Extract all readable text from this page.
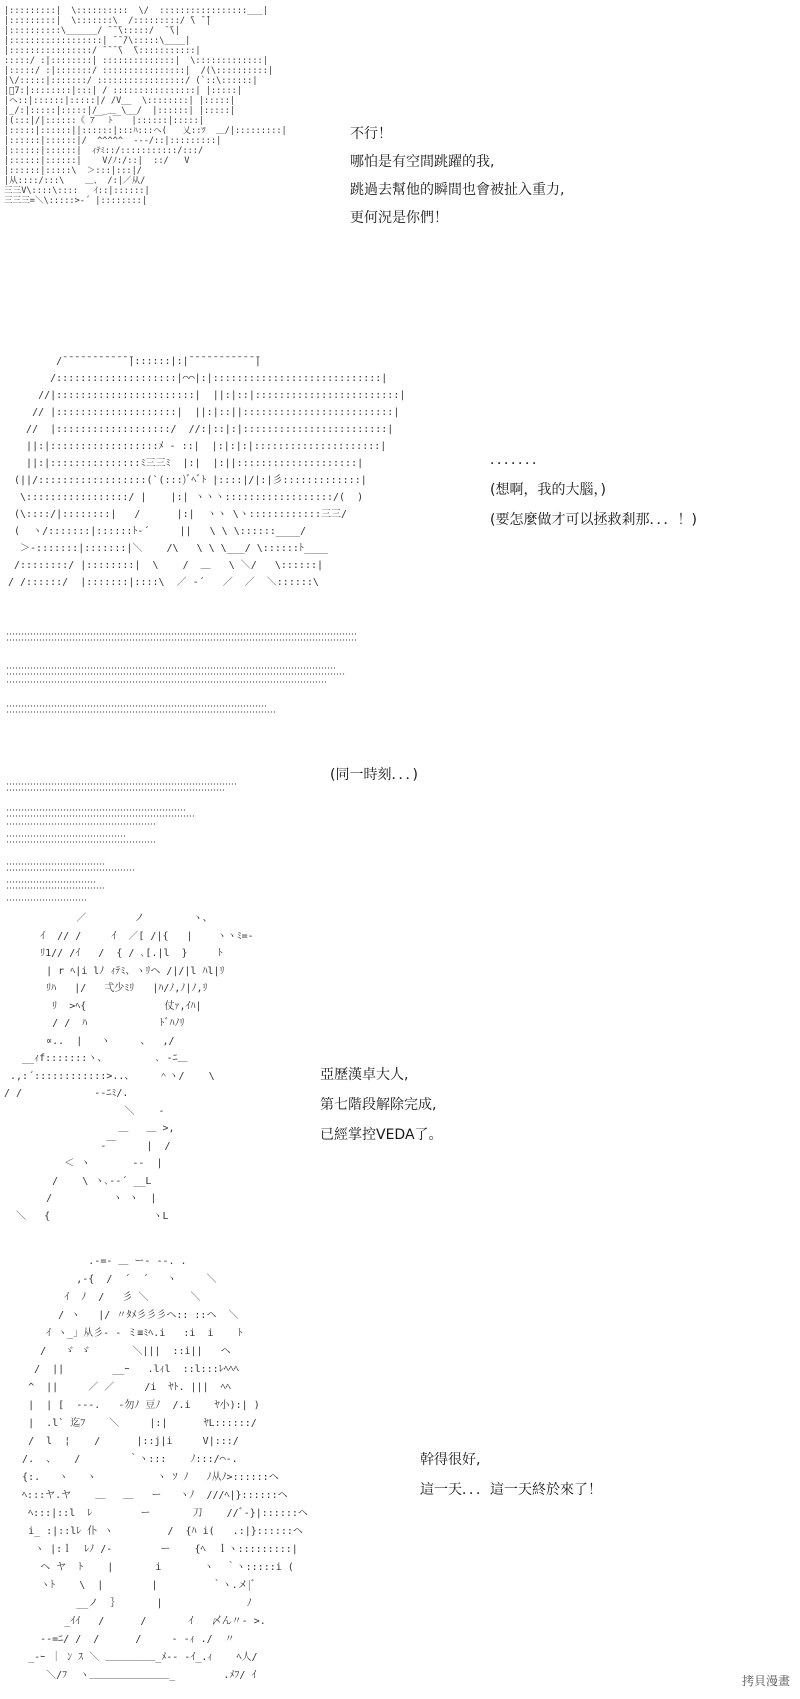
|:::::::::|  \::::::::::  \/  :::::::::::::::::___|
|:::::::::|  \:::::::\  /:::::::::/ ̄\ ̄ ̄|
|::::::::::\______/ ̄ ̄ ̄\:::::/  ̄ ̄\|
|::::::::::::::::::| ̄ ̄ ̄/\:::::\____|
|::::::::::::::::/ ̄ ̄ ̄ ̄\  ̄\:::::::::::|
:::::/ :|::::::::| ::::::::::::::|  \:::::::::::::|
|:::::/ :|:::::::/ ::::::::::::::::|  /(\::::::::::|
|\/:::::|:::::::/ :::::::::::::::::/ (`::\::::::|
|ﾞ7:|::::::::|:::| / ::::::::::::::::| |:::::|
|ヘ::|::::::|:::::|/ /V__  \::::::::| |:::::|
|_/:|:::::|:::::|/ _＿ \__/  |::::::| |:::::|
|(:::|/|::::::《 ｱ￣ ﾄ￣  |::::::|:::::|
|:::::|::::::||::::::|:::ﾊ:::ヘ(   乂::ﾂ  ＿/|:::::::::|
|::::::|::::::|/  ^^^^^  ---/::|:::::::::|
|::::::|::::::|  ｨﾃﾐ::/:::::::::::/:::/
|::::::|::::::|    V/ﾉ:/::|  ::/   V
|::::::|:::::\  ＞:::|:::|/
|从::::/:::\    ＿、 /:|／从/
三三V\::::\::::   ｲ::|::::::|
三三三=＼\:::::>-´ |::::::::|
不行！
哪怕是有空間跳躍的我,
跳過去幫他的瞬間也會被扯入重力,
更何況是你們！
/̄ ̄ ̄ ̄ ̄ ̄ ̄ ̄ ̄ ̄ ̄ ̄|::::::|:|̄ ̄ ̄ ̄ ̄ ̄ ̄ ̄ ̄ ̄ ̄ ̄|
/::::::::::::::::::::|⌒⌒|:|::::::::::::::::::::::::::::|
//|:::::::::::::::::::::::|  ||:|::|::::::::::::::::::::::::|
// |::::::::::::::::::::|  ||:|::||:::::::::::::::::::::::::|
//  |:::::::::::::::::::/  //:|::|:|::::::::::::::::::::::::|
||:|::::::::::::::::::ﾒ ‐ ::|  |:|:|:|:::::::::::::::::::::|
||:|:::::::::::::::ﾐ三三ﾐ  |:|  |:||::::::::::::::::::::|
(||/::::::::::::::::::(`(:::)ﾞﾍﾞﾄ |::::|/|:|彡:::::::::::::|
\:::::::::::::::::/ |    |:| ヽヽヽ::::::::::::::::::/(  )
(\::::/|::::::::|   /      |:|  ヽヽ \ヽ::::::::::::三三/
(  ヽ/:::::::|::::::ﾄ-´     ||   \ \ \::::::____/
＞‐:::::::|:::::::|＼    /\   \ \ \___/ \::::::ﾄ____
/::::::::/ |::::::::|  \    /  ＿   \ ＼/   \::::::|
/ /::::::/  |:::::::|::::\  ／ ‐´   ／  ／  ＼::::::\
．．．．．．．
(想啊，我的大腦，)
(要怎麼做才可以拯救剎那．．．！)
(同一時刻．．．)
／        ノ        ヽ、
ｲ  // /     ｲ  ／[ /|{   |    ヽヽﾐ=-
ﾘ1// /ｲ   /  { / ､[.|l  }     ﾄ
| r ﾍ|i lﾉ ｨﾃﾐ、ヽﾘヘ /|/|l ﾊl|ﾘ
ﾘﾊ   |/   弌少ﾐﾘ   |ﾊ/ﾉ,ﾉ|ﾉ,ﾘ
ﾘ  >ﾍ{             仗ｧ,ｲﾊ|
/ /  ﾊ            ﾄﾞﾊﾉﾘ
∝..  |   ヽ     、  ,/
__ｨf:::::::ヽ、        ､ -ﾆ＿
.,:´::::::::::::>..、    ＾ヽ/    \
/ /            ‐-ﾆﾐ/.
＼    ‐
＿   ＿ >,
‐￣     |  /
＜ ヽ       ‐-  |
/    \ ヽ､-‐´ __L
/          ヽ ヽ  |
＼   {                 ヽL
亞歷漢卓大人,
第七階段解除完成,
已經掌控VEDA了。
.-=‐ ＿ ー‐ --. .
,-{  /  ´  ´   ヽ     ＼
ｲ  ﾉ  /   彡 ＼       ＼
/ ヽ   |/ 〃ﾀﾒ彡彡彡ヘ:: ::ヘ  ＼
ｲ ヽ_」从彡‐ ‐ ミ≡ﾐﾍ.i   :i  i    ﾄ
/   ゞ ゞ       ＼|||  ::i||   ヘ
/  ||        __ｰ   .lｨl  ::l:::ﾚﾍﾍﾍ
^  ||     ／ ／     /i  ﾔﾄ. |||  ﾍﾍ
|  | [  ‐--.   -勿ﾉ 豆ﾉ  /.i    ﾔ小):| )
|  .l` 迄ﾌ    ＼     |:|      ﾔL::::::/
/  l  ¦    /      |::j|i     V|:::/
/.  、   /        ｀ヽ:::    ﾉ:::/⌒‐.
{:.   ヽ   ヽ          ヽ ｿ ﾉ   ﾉ从ﾉ>::::::ヘ
ﾍ:::ヤ.ヤ    ＿   ＿   ー   ヽﾉ  ///ﾍ|}::::::ヘ
ﾍ:::|::l  ﾚ        ー       刀    //ﾞ-}|::::::ヘ
i_ :|::lﾚ 仆 ヽ         /  {ﾊ i(   .:|}::::::ヘ
ヽ |:ｌ  ﾚﾉ /-        ー    {ﾍ  ｌヽ:::::::::|
ヘ ヤ  ﾄ    |       i       ヽ  ｀ヽ:::::i (
ヽﾄ    \  |        |         ｀ヽ.メ|ﾞ
__ノ  ｝      |              ﾉ
_ｲｲ   /      /       ｲ   〆ん〃‐ >.
--=ﾆ/ /  /      /     ‐ -ｨ ./  〃
_-ｰ ｜ ﾝ ｽ ＼ ＿＿＿＿＿_ﾒ-‐ ‐ｲ_.ｨ    ﾍ人/
＼/ﾌ  ヽ＿＿＿＿＿＿＿＿_        .ﾒﾌ/ ｲ
幹得很好,
這一天．．．這一天終於來了！
拷貝漫畫
